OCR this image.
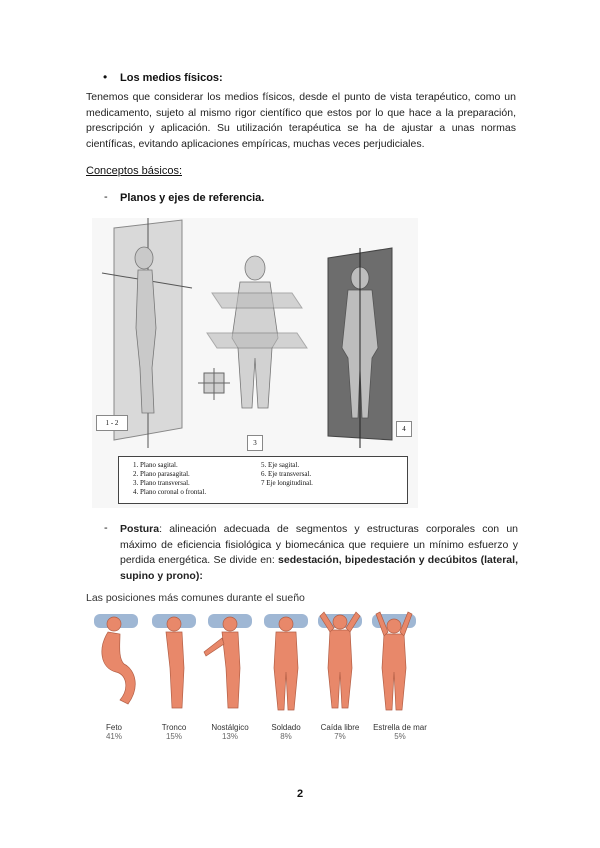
• Los medios físicos:

Tenemos que considerar los medios físicos, desde el punto de vista terapéutico, como un medicamento, sujeto al mismo rigor científico que estos por lo que hace a la preparación, prescripción y aplicación. Su utilización terapéutica se ha de ajustar a unas normas científicas, evitando aplicaciones empíricas, muchas veces perjudiciales.

Conceptos básicos:
- Planos y ejes de referencia.
1 - 2
3
4
1. Plano sagital.
2. Plano parasagital.
3. Plano transversal.
4. Plano coronal o frontal.
5. Eje sagital.
6. Eje transversal.
7 Eje longitudinal.
- Postura: alineación adecuada de segmentos y estructuras corporales con un máximo de eficiencia fisiológica y biomecánica que requiere un mínimo esfuerzo y perdida energética. Se divide en: sedestación, bipedestación y decúbitos (lateral, supino y prono):

Las posiciones más comunes durante el sueño
Feto
41%
Tronco
15%
Nostálgico
13%
Soldado
8%
Caída libre
7%
Estrella de mar
5%
2
